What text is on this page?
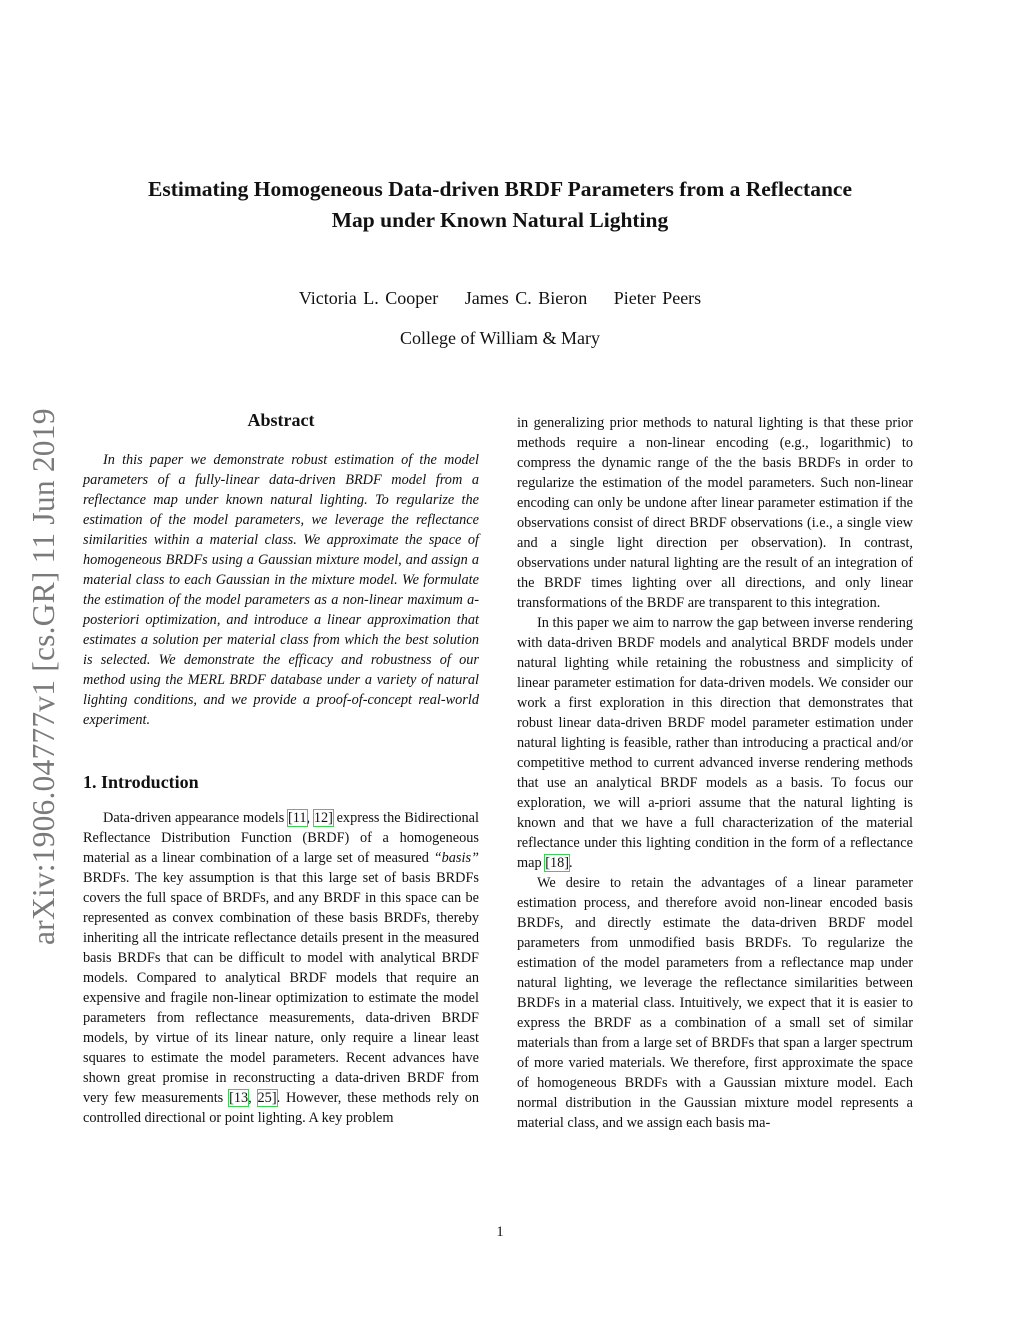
arXiv:1906.04777v1 [cs.GR] 11 Jun 2019
Estimating Homogeneous Data-driven BRDF Parameters from a Reflectance
Map under Known Natural Lighting
Victoria L. Cooper James C. Bieron Pieter Peers
College of William & Mary

Abstract

In this paper we demonstrate robust estimation of the model parameters of a fully-linear data-driven BRDF model from a reflectance map under known natural lighting. To regularize the estimation of the model parameters, we leverage the reflectance similarities within a material class. We approximate the space of homogeneous BRDFs using a Gaussian mixture model, and assign a material class to each Gaussian in the mixture model. We formulate the estimation of the model parameters as a non-linear maximum a-posteriori optimization, and introduce a linear approximation that estimates a solution per material class from which the best solution is selected. We demonstrate the efficacy and robustness of our method using the MERL BRDF database under a variety of natural lighting conditions, and we provide a proof-of-concept real-world experiment.

1. Introduction

Data-driven appearance models [11, 12] express the Bidirectional Reflectance Distribution Function (BRDF) of a homogeneous material as a linear combination of a large set of measured “basis” BRDFs. The key assumption is that this large set of basis BRDFs covers the full space of BRDFs, and any BRDF in this space can be represented as convex combination of these basis BRDFs, thereby inheriting all the intricate reflectance details present in the measured basis BRDFs that can be difficult to model with analytical BRDF models. Compared to analytical BRDF models that require an expensive and fragile non-linear optimization to estimate the model parameters from reflectance measurements, data-driven BRDF models, by virtue of its linear nature, only require a linear least squares to estimate the model parameters. Recent advances have shown great promise in reconstructing a data-driven BRDF from very few measurements [13, 25]. However, these methods rely on controlled directional or point lighting. A key problem

in generalizing prior methods to natural lighting is that these prior methods require a non-linear encoding (e.g., logarithmic) to compress the dynamic range of the the basis BRDFs in order to regularize the estimation of the model parameters. Such non-linear encoding can only be undone after linear parameter estimation if the observations consist of direct BRDF observations (i.e., a single view and a single light direction per observation). In contrast, observations under natural lighting are the result of an integration of the BRDF times lighting over all directions, and only linear transformations of the BRDF are transparent to this integration.

In this paper we aim to narrow the gap between inverse rendering with data-driven BRDF models and analytical BRDF models under natural lighting while retaining the robustness and simplicity of linear parameter estimation for data-driven models. We consider our work a first exploration in this direction that demonstrates that robust linear data-driven BRDF model parameter estimation under natural lighting is feasible, rather than introducing a practical and/or competitive method to current advanced inverse rendering methods that use an analytical BRDF models as a basis. To focus our exploration, we will a-priori assume that the natural lighting is known and that we have a full characterization of the material reflectance under this lighting condition in the form of a reflectance map [18].

We desire to retain the advantages of a linear parameter estimation process, and therefore avoid non-linear encoded basis BRDFs, and directly estimate the data-driven BRDF model parameters from unmodified basis BRDFs. To regularize the estimation of the model parameters from a reflectance map under natural lighting, we leverage the reflectance similarities between BRDFs in a material class. Intuitively, we expect that it is easier to express the BRDF as a combination of a small set of similar materials than from a large set of BRDFs that span a larger spectrum of more varied materials. We therefore, first approximate the space of homogeneous BRDFs with a Gaussian mixture model. Each normal distribution in the Gaussian mixture model represents a material class, and we assign each basis ma-

1
